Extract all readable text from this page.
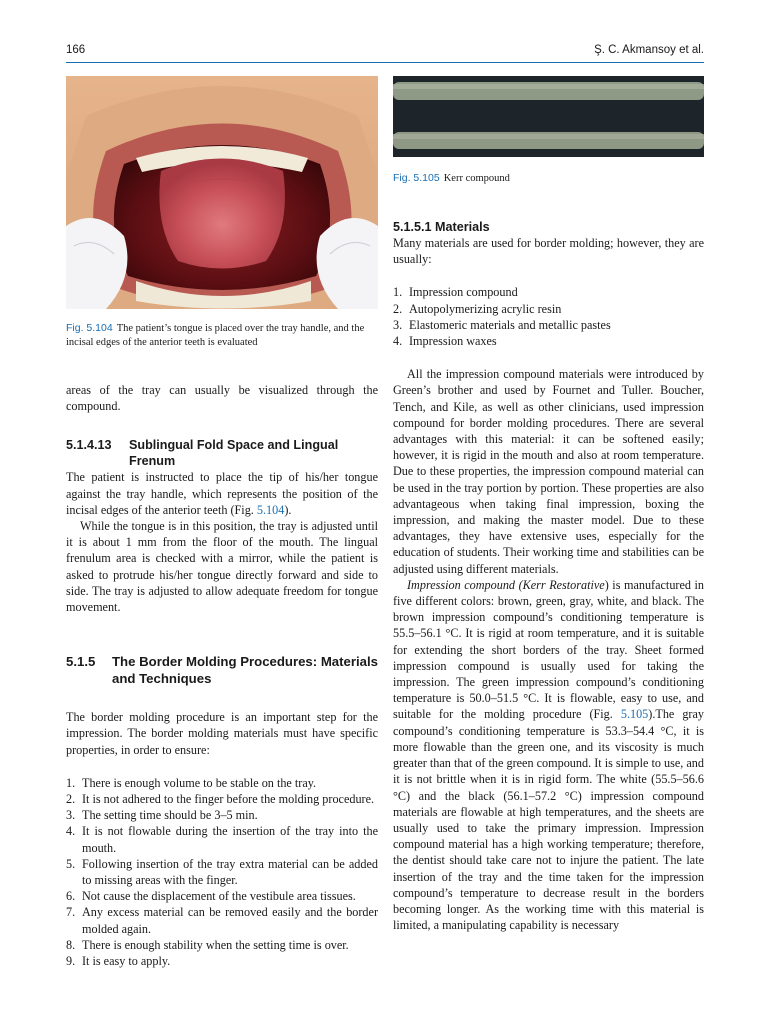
166	Ş. C. Akmansoy et al.
Fig. 5.104 The patient’s tongue is placed over the tray handle, and the incisal edges of the anterior teeth is evaluated
Fig. 5.105 Kerr compound

areas of the tray can usually be visualized through the compound.

5.1.4.13	Sublingual Fold Space and Lingual Frenum

The patient is instructed to place the tip of his/her tongue against the tray handle, which represents the position of the incisal edges of the anterior teeth (Fig. 5.104).

While the tongue is in this position, the tray is adjusted until it is about 1 mm from the floor of the mouth. The lingual frenulum area is checked with a mirror, while the patient is asked to protrude his/her tongue directly forward and side to side. The tray is adjusted to allow adequate freedom for tongue movement.

5.1.5	The Border Molding Procedures: Materials and Techniques

The border molding procedure is an important step for the impression. The border molding materials must have specific properties, in order to ensure:

1. There is enough volume to be stable on the tray.
2. It is not adhered to the finger before the molding procedure.
3. The setting time should be 3–5 min.
4. It is not flowable during the insertion of the tray into the mouth.
5. Following insertion of the tray extra material can be added to missing areas with the finger.
6. Not cause the displacement of the vestibule area tissues.
7. Any excess material can be removed easily and the border molded again.
8. There is enough stability when the setting time is over.
9. It is easy to apply.
5.1.5.1 Materials

Many materials are used for border molding; however, they are usually:

1. Impression compound
2. Autopolymerizing acrylic resin
3. Elastomeric materials and metallic pastes
4. Impression waxes

All the impression compound materials were introduced by Green’s brother and used by Fournet and Tuller. Boucher, Tench, and Kile, as well as other clinicians, used impression compound for border molding procedures. There are several advantages with this material: it can be softened easily; however, it is rigid in the mouth and also at room temperature. Due to these properties, the impression compound material can be used in the tray portion by portion. These properties are also advantageous when taking final impression, boxing the impression, and making the master model. Due to these advantages, they have extensive uses, especially for the education of students. Their working time and stabilities can be adjusted using different materials.

Impression compound (Kerr Restorative) is manufactured in five different colors: brown, green, gray, white, and black. The brown impression compound’s conditioning temperature is 55.5–56.1 °C. It is rigid at room temperature, and it is suitable for extending the short borders of the tray. Sheet formed impression compound is usually used for taking the impression. The green impression compound’s conditioning temperature is 50.0–51.5 °C. It is flowable, easy to use, and suitable for the molding procedure (Fig. 5.105).The gray compound’s conditioning temperature is 53.3–54.4 °C, it is more flowable than the green one, and its viscosity is much greater than that of the green compound. It is simple to use, and it is not brittle when it is in rigid form. The white (55.5–56.6 °C) and the black (56.1–57.2 °C) impression compound materials are flowable at high temperatures, and the sheets are usually used to take the primary impression. Impression compound material has a high working temperature; therefore, the dentist should take care not to injure the patient. The late insertion of the tray and the time taken for the impression compound’s temperature to decrease result in the borders becoming longer. As the working time with this material is limited, a manipulating capability is necessary
